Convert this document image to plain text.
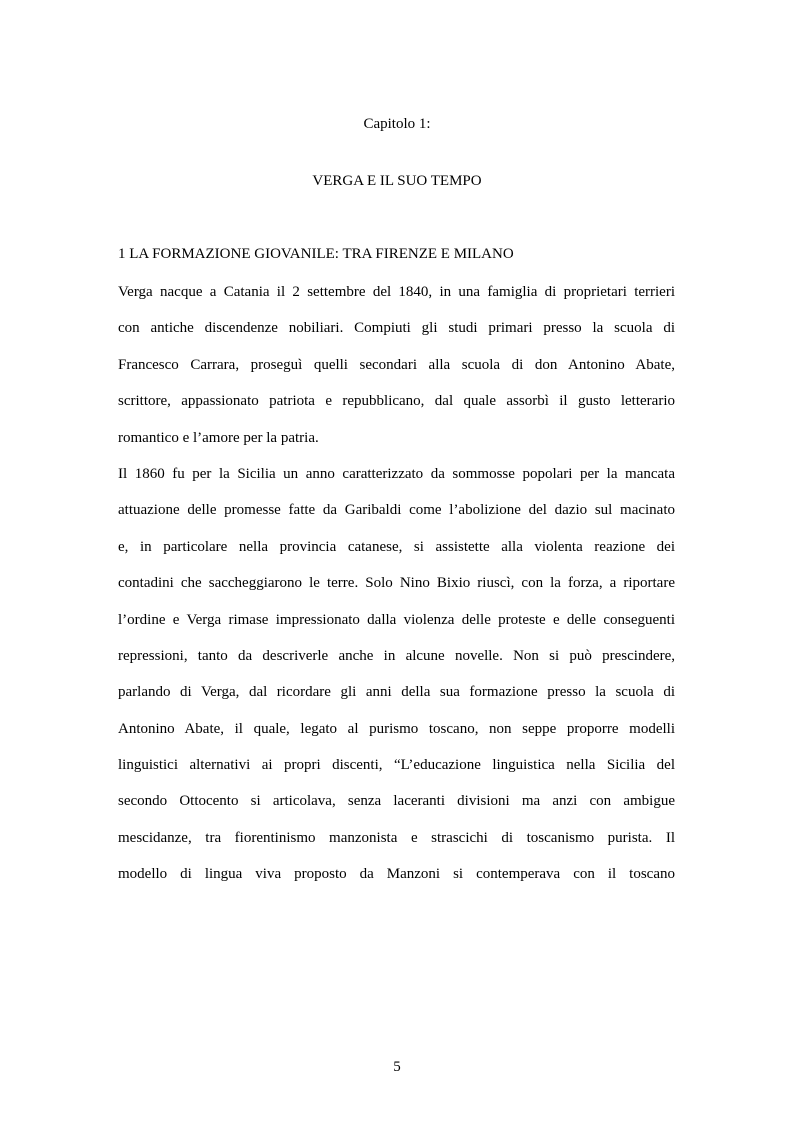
Capitolo 1:
VERGA E IL SUO TEMPO
1 LA FORMAZIONE GIOVANILE: TRA FIRENZE E MILANO
Verga nacque a Catania il 2 settembre del 1840, in una famiglia di proprietari terrieri
con antiche discendenze nobiliari. Compiuti gli studi primari presso la scuola di
Francesco Carrara, proseguì quelli secondari alla scuola di don Antonino Abate,
scrittore, appassionato patriota e repubblicano, dal quale assorbì il gusto letterario
romantico e l’amore per la patria.
Il 1860 fu per la Sicilia un anno caratterizzato da sommosse popolari per la mancata
attuazione delle promesse fatte da Garibaldi come l’abolizione del dazio sul macinato
e, in particolare nella provincia catanese, si assistette alla violenta reazione dei
contadini che saccheggiarono le terre. Solo Nino Bixio riuscì, con la forza, a riportare
l’ordine e Verga rimase impressionato dalla violenza delle proteste e delle conseguenti
repressioni, tanto da descriverle anche in alcune novelle. Non si può prescindere,
parlando di Verga, dal ricordare gli anni della sua formazione presso la scuola di
Antonino Abate, il quale, legato al purismo toscano, non seppe proporre modelli
linguistici alternativi ai propri discenti, “L’educazione linguistica nella Sicilia del
secondo Ottocento si articolava, senza laceranti divisioni ma anzi con ambigue
mescidanze, tra fiorentinismo manzonista e strascichi di toscanismo purista. Il
modello di lingua viva proposto da Manzoni si contemperava con il toscano
5
